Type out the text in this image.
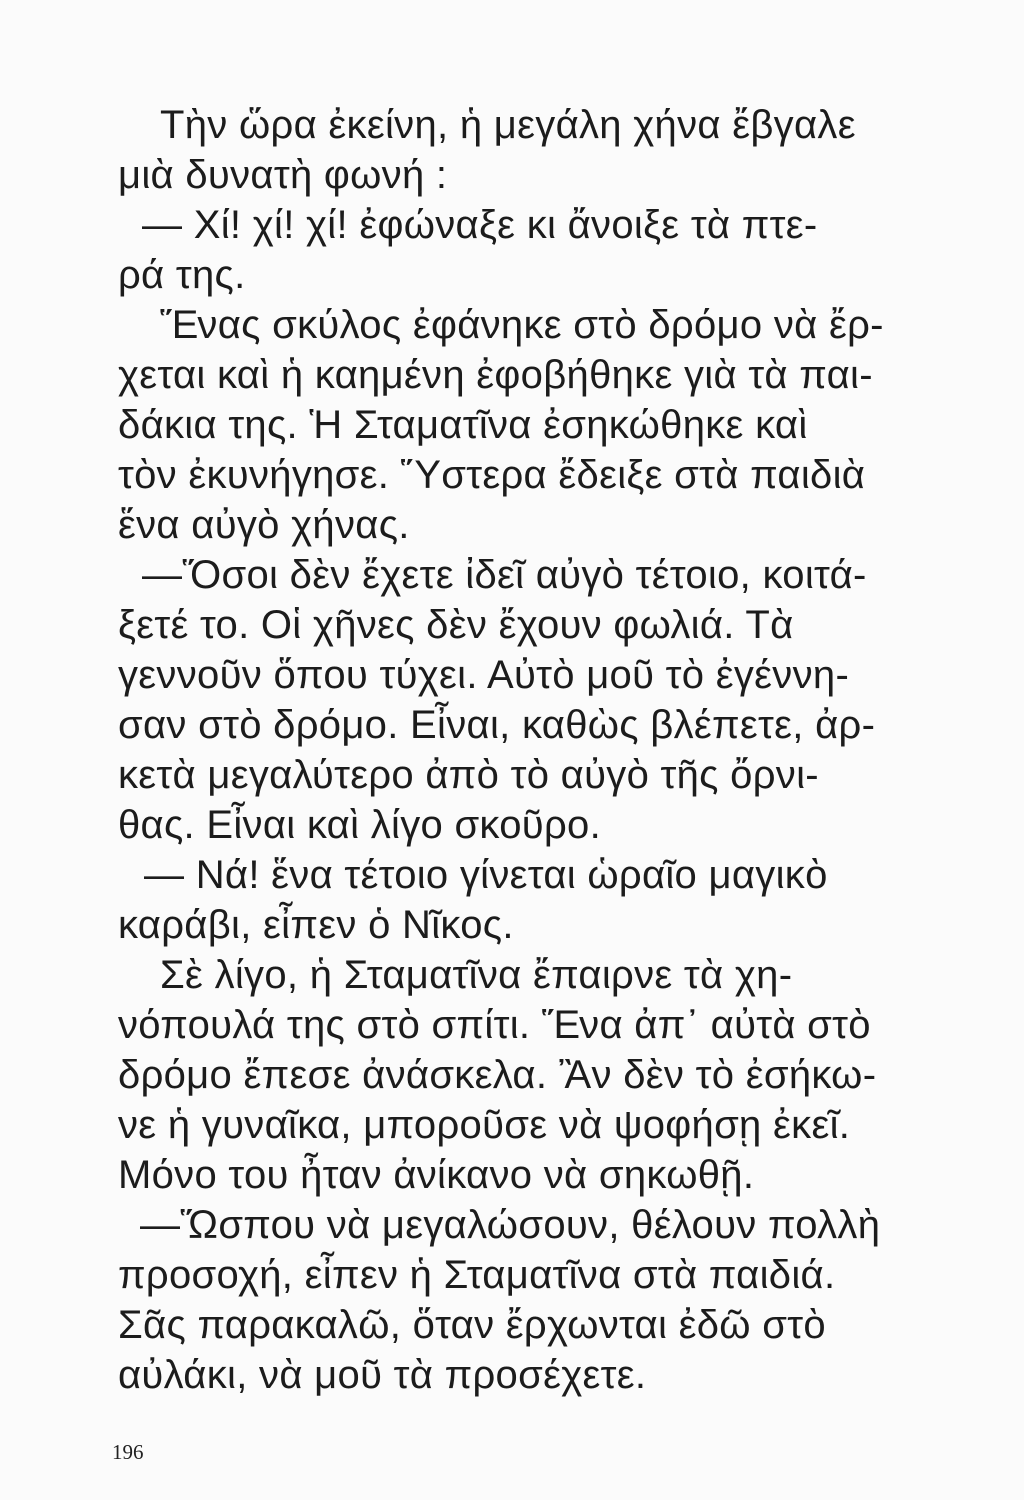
Τὴν ὥρα ἐκείνη, ἡ μεγάλη χήνα ἔβγαλε
μιὰ δυνατὴ φωνή :
— Χί! χί! χί! ἐφώναξε κι ἄνοιξε τὰ πτε-
ρά της.
Ἕνας σκύλος ἐφάνηκε στὸ δρόμο νὰ ἔρ-
χεται καὶ ἡ καημένη ἐφοβήθηκε γιὰ τὰ παι-
δάκια της. Ἡ Σταματῖνα ἐσηκώθηκε καὶ
τὸν ἐκυνήγησε. Ὕστερα ἔδειξε στὰ παιδιὰ
ἕνα αὐγὸ χήνας.
—Ὅσοι δὲν ἔχετε ἰδεῖ αὐγὸ τέτοιο, κοιτά-
ξετέ το. Οἱ χῆνες δὲν ἔχουν φωλιά. Τὰ
γεννοῦν ὅπου τύχει. Αὐτὸ μοῦ τὸ ἐγέννη-
σαν στὸ δρόμο. Εἶναι, καθὼς βλέπετε, ἀρ-
κετὰ μεγαλύτερο ἀπὸ τὸ αὐγὸ τῆς ὄρνι-
θας. Εἶναι καὶ λίγο σκοῦρο.
— Νά! ἕνα τέτοιο γίνεται ὡραῖο μαγικὸ
καράβι, εἶπεν ὁ Νῖκος.
Σὲ λίγο, ἡ Σταματῖνα ἔπαιρνε τὰ χη-
νόπουλά της στὸ σπίτι. Ἕνα ἀπ᾿ αὐτὰ στὸ
δρόμο ἔπεσε ἀνάσκελα. Ἂν δὲν τὸ ἐσήκω-
νε ἡ γυναῖκα, μποροῦσε νὰ ψοφήσῃ ἐκεῖ.
Μόνο του ἦταν ἀνίκανο νὰ σηκωθῇ.
—Ὥσπου νὰ μεγαλώσουν, θέλουν πολλὴ
προσοχή, εἶπεν ἡ Σταματῖνα στὰ παιδιά.
Σᾶς παρακαλῶ, ὅταν ἔρχωνται ἐδῶ στὸ
αὐλάκι, νὰ μοῦ τὰ προσέχετε.
196
